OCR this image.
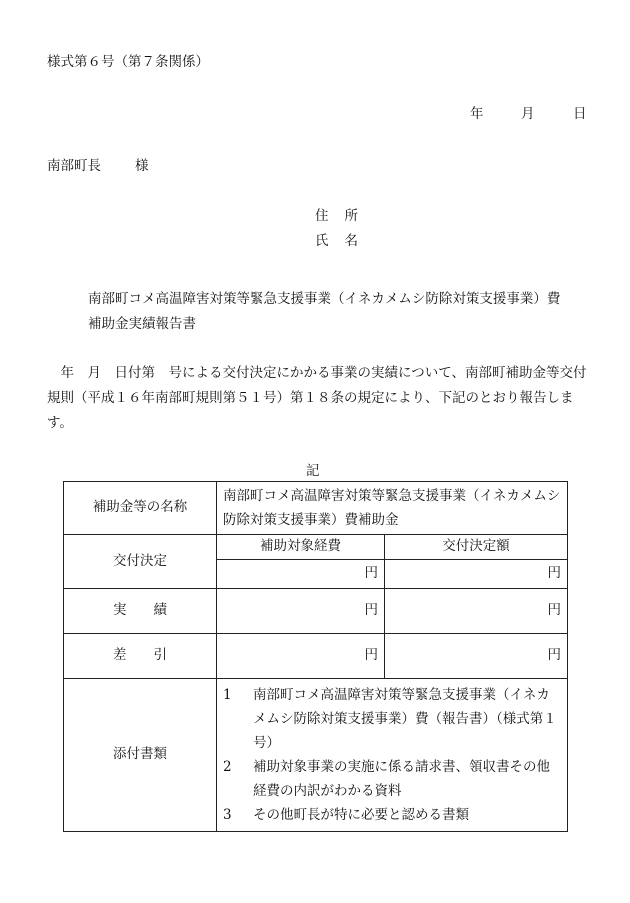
様式第６号（第７条関係）
年	月	日
南部町長	様
住 所
氏 名
南部町コメ高温障害対策等緊急支援事業（イネカメムシ防除対策支援事業）費補助金実績報告書
　年　月　日付第　号による交付決定にかかる事業の実績について、南部町補助金等交付規則（平成１６年南部町規則第５１号）第１８条の規定により、下記のとおり報告します。
記
補助金等の名称	南部町コメ高温障害対策等緊急支援事業（イネカメムシ防除対策支援事業）費補助金	
交付決定	補助対象経費	交付決定額
	円	円
実　　績	円	円
差　　引	円	円
添付書類	1 南部町コメ高温障害対策等緊急支援事業（イネカメムシ防除対策支援事業）費（報告書）（様式第１号）
2 補助対象事業の実施に係る請求書、領収書その他経費の内訳がわかる資料
3 その他町長が特に必要と認める書類	
